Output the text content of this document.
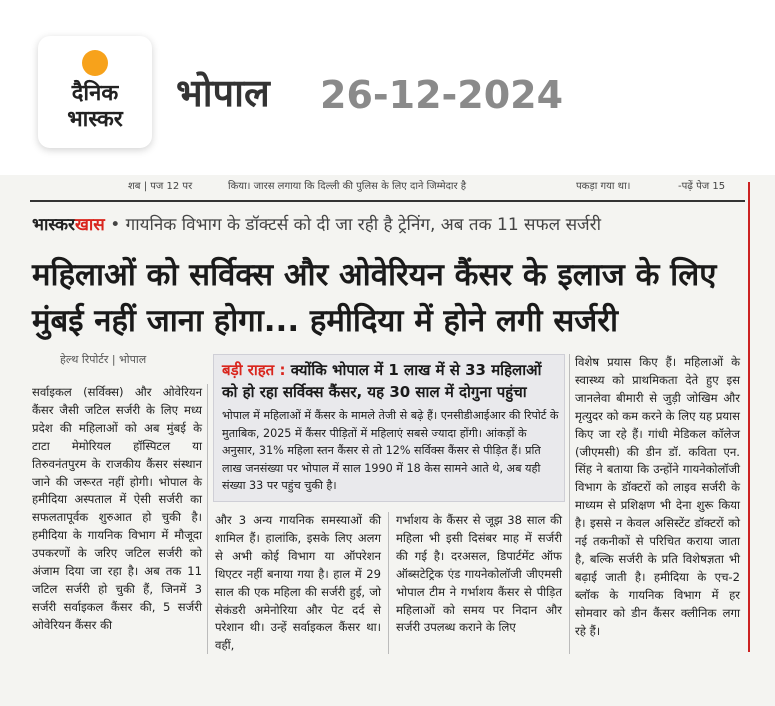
दैनिक
भास्कर
भोपाल 26-12-2024
शब | पज 12 पर	किया। जारस लगाया कि दिल्ली की पुलिस के लिए दाने जिम्मेदार है	पकड़ा गया था।	-पढ़ें पेज 15
भास्करखास • गायनिक विभाग के डॉक्टर्स को दी जा रही है ट्रेनिंग, अब तक 11 सफल सर्जरी
महिलाओं को सर्विक्स और ओवेरियन कैंसर के इलाज के लिए मुंबई नहीं जाना होगा... हमीदिया में होने लगी सर्जरी
हेल्थ रिपोर्टर | भोपाल
बड़ी राहत : क्योंकि भोपाल में 1 लाख में से 33 महिलाओं को हो रहा सर्विक्स कैंसर, यह 30 साल में दोगुना पहुंचा
भोपाल में महिलाओं में कैंसर के मामले तेजी से बढ़े हैं। एनसीडीआईआर की रिपोर्ट के मुताबिक, 2025 में कैंसर पीड़ितों में महिलाएं सबसे ज्यादा होंगी। आंकड़ों के अनुसार, 31% महिला स्तन कैंसर से तो 12% सर्विक्स कैंसर से पीड़ित हैं। प्रति लाख जनसंख्या पर भोपाल में साल 1990 में 18 केस सामने आते थे, अब यही संख्या 33 पर पहुंच चुकी है।
सर्वाइकल (सर्विक्स) और ओवेरियन कैंसर जैसी जटिल सर्जरी के लिए मध्य प्रदेश की महिलाओं को अब मुंबई के टाटा मेमोरियल हॉस्पिटल या तिरुवनंतपुरम के राजकीय कैंसर संस्थान जाने की जरूरत नहीं होगी। भोपाल के हमीदिया अस्पताल में ऐसी सर्जरी का सफलतापूर्वक शुरुआत हो चुकी है। हमीदिया के गायनिक विभाग में मौजूदा उपकरणों के जरिए जटिल सर्जरी को अंजाम दिया जा रहा है। अब तक 11 जटिल सर्जरी हो चुकी हैं, जिनमें 3 सर्जरी सर्वाइकल कैंसर की, 5 सर्जरी ओवेरियन कैंसर की
और 3 अन्य गायनिक समस्याओं की शामिल हैं। हालांकि, इसके लिए अलग से अभी कोई विभाग या ऑपरेशन थिएटर नहीं बनाया गया है। हाल में 29 साल की एक महिला की सर्जरी हुई, जो सेकंडरी अमेनोरिया और पेट दर्द से परेशान थी। उन्हें सर्वाइकल कैंसर था। वहीं,
गर्भाशय के कैंसर से जूझ 38 साल की महिला भी इसी दिसंबर माह में सर्जरी की गई है। दरअसल, डिपार्टमेंट ऑफ ऑब्सटेट्रिक एंड गायनेकोलॉजी जीएमसी भोपाल टीम ने गर्भाशय कैंसर से पीड़ित महिलाओं को समय पर निदान और सर्जरी उपलब्ध कराने के लिए
विशेष प्रयास किए हैं। महिलाओं के स्वास्थ्य को प्राथमिकता देते हुए इस जानलेवा बीमारी से जुड़ी जोखिम और मृत्युदर को कम करने के लिए यह प्रयास किए जा रहे हैं। गांधी मेडिकल कॉलेज (जीएमसी) की डीन डॉ. कविता एन. सिंह ने बताया कि उन्होंने गायनेकोलॉजी विभाग के डॉक्टरों को लाइव सर्जरी के माध्यम से प्रशिक्षण भी देना शुरू किया है। इससे न केवल असिस्टेंट डॉक्टरों को नई तकनीकों से परिचित कराया जाता है, बल्कि सर्जरी के प्रति विशेषज्ञता भी बढ़ाई जाती है। हमीदिया के एच-2 ब्लॉक के गायनिक विभाग में हर सोमवार को डीन कैंसर क्लीनिक लगा रहे हैं।
